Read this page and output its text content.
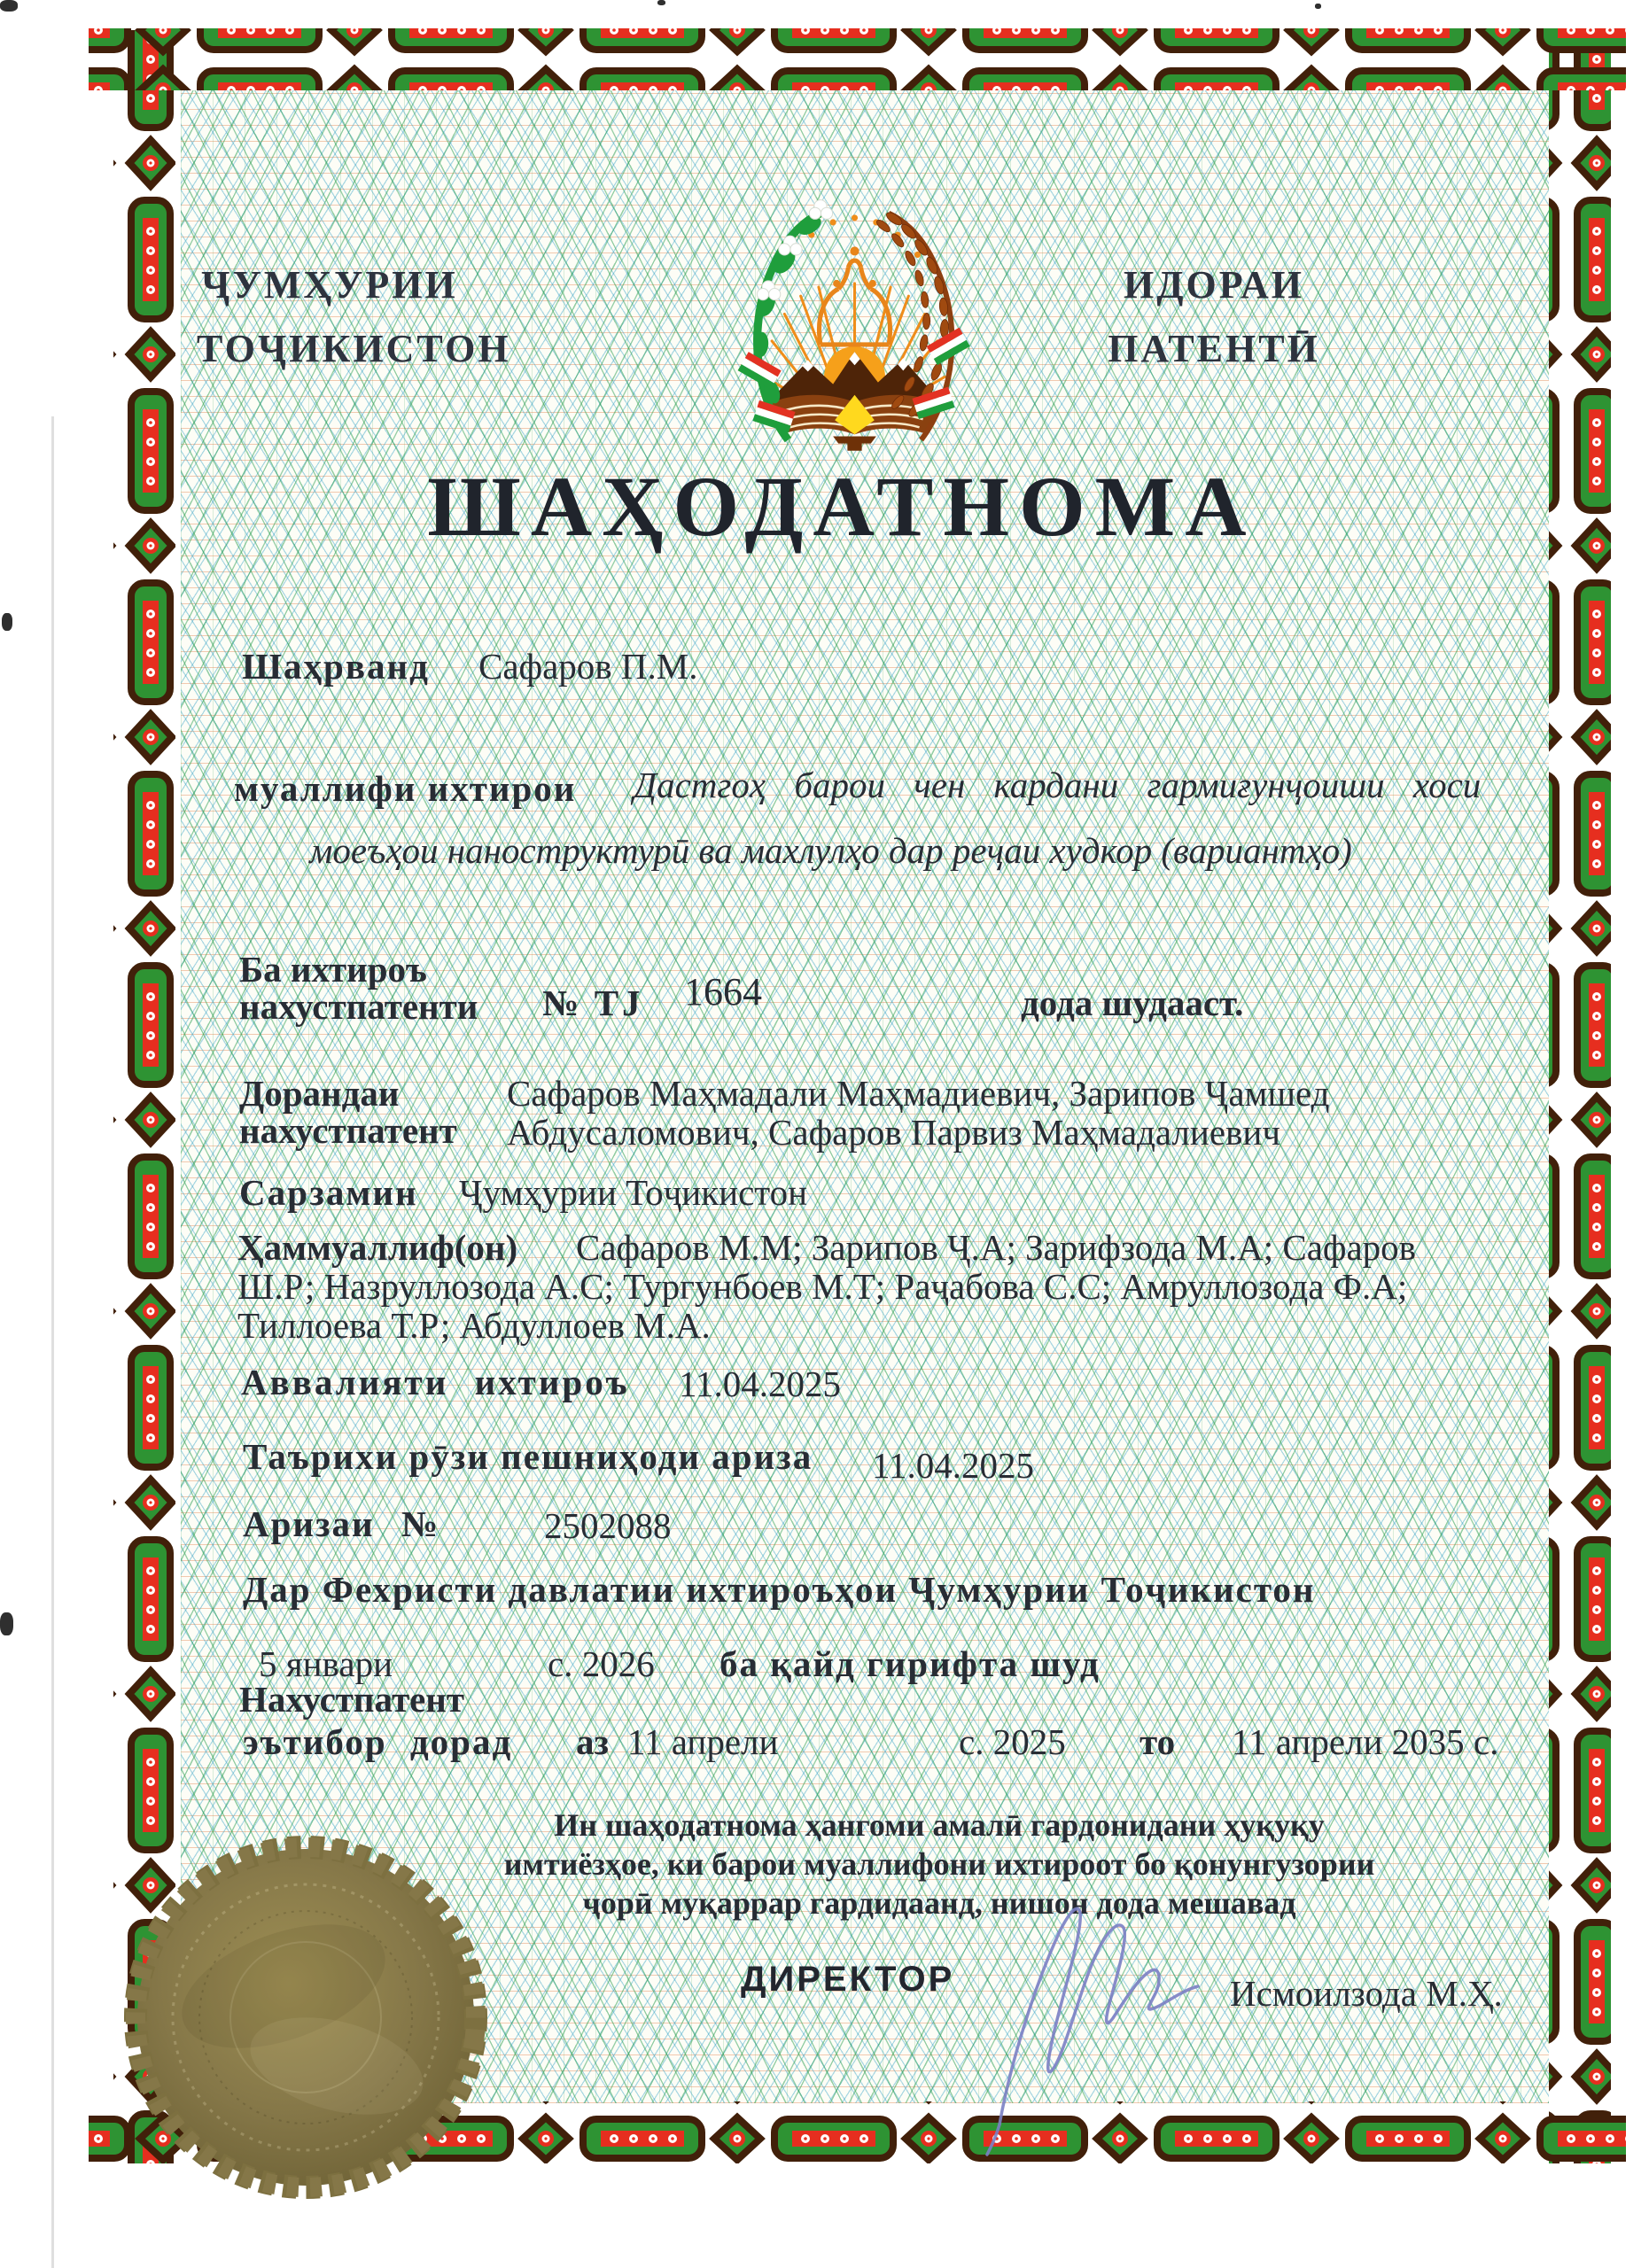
ҶУМҲУРИИ
ТОҶИКИСТОН
ИДОРАИ
ПАТЕНТӢ
ШАҲОДАТНОМА
Шаҳрванд Сафаров П.М.
муаллифи ихтирои Дастгоҳ барои чен кардани гармиғунҷоиши хоси
моеъҳои наноструктурӣ ва махлулҳо дар реҷаи худкор (вариантҳо)
Ба ихтироъ
нахустпатенти № TJ 1664	дода шудааст.
Дорандаи
нахустпатент
Сафаров Маҳмадали Маҳмадиевич, Зарипов Ҷамшед
Абдусаломович, Сафаров Парвиз Маҳмадалиевич
Сарзамин Ҷумҳурии Тоҷикистон
Ҳаммуаллиф(он) Сафаров М.М; Зарипов Ҷ.А; Зарифзода М.А; Сафаров
Ш.Р; Назруллозода А.С; Тургунбоев М.Т; Раҷабова С.С; Амруллозода Ф.А;
Тиллоева Т.Р; Абдуллоев М.А.
Аввалияти ихтироъ 11.04.2025
Таърихи рӯзи пешниҳоди ариза 11.04.2025
Аризаи №	2502088
Дар Фехристи давлатии ихтироъҳои Ҷумҳурии Тоҷикистон
5 январи	с. 2026 ба қайд гирифта шуд
Нахустпатент
эътибор дорад аз 11 апрели	с. 2025 то 11 апрели 2035 с.
Ин шаҳодатнома ҳангоми амалӣ гардонидани ҳуқуқу
имтиёзҳое, ки барои муаллифони ихтироот бо қонунгузории
ҷорӣ муқаррар гардидаанд, нишон дода мешавад
ДИРЕКТОР	Исмоилзода М.Ҳ.
